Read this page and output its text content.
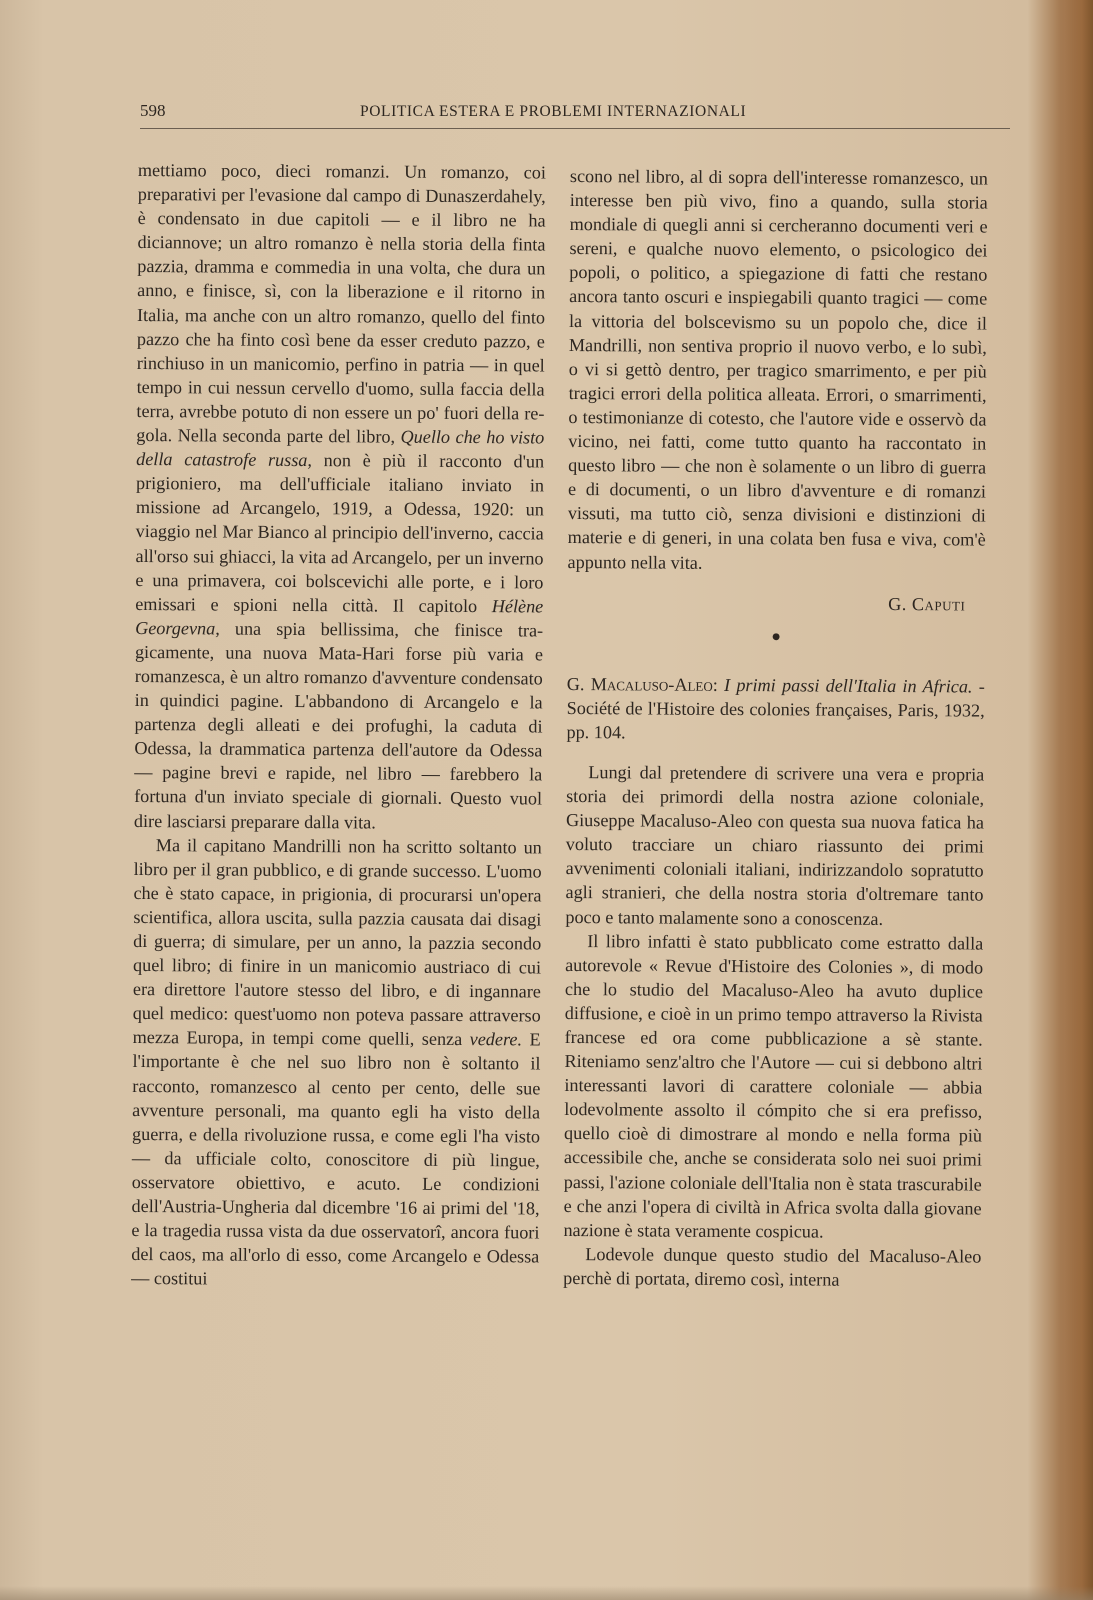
598	POLITICA ESTERA E PROBLEMI INTERNAZIONALI

mettiamo poco, dieci romanzi. Un romanzo, coi preparativi per l'evasione dal campo di Dunaszerdahely, è condensato in due capitoli — e il libro ne ha diciannove; un altro romanzo è nella storia della finta pazzia, dramma e commedia in una volta, che dura un anno, e finisce, sì, con la liberazione e il ritorno in Italia, ma anche con un altro romanzo, quello del finto pazzo che ha finto così bene da esser creduto pazzo, e rinchiuso in un manicomio, perfino in patria — in quel tempo in cui nessun cervello d'uomo, sulla faccia della terra, avrebbe potuto di non essere un po' fuori della regola. Nella seconda parte del libro, Quello che ho visto della catastrofe russa, non è più il racconto d'un prigioniero, ma dell'ufficiale italiano inviato in missione ad Arcangelo, 1919, a Odessa, 1920: un viaggio nel Mar Bianco al principio dell'inverno, caccia all'orso sui ghiacci, la vita ad Arcangelo, per un inverno e una primavera, coi bolscevichi alle porte, e i loro emissari e spioni nella città. Il capitolo Hélène Georgevna, una spia bellissima, che finisce tragicamente, una nuova Mata-Hari forse più varia e romanzesca, è un altro romanzo d'avventure condensato in quindici pagine. L'abbandono di Arcangelo e la partenza degli alleati e dei profughi, la caduta di Odessa, la drammatica partenza dell'autore da Odessa — pagine brevi e rapide, nel libro — farebbero la fortuna d'un inviato speciale di giornali. Questo vuol dire lasciarsi preparare dalla vita.

Ma il capitano Mandrilli non ha scritto soltanto un libro per il gran pubblico, e di grande successo. L'uomo che è stato capace, in prigionia, di procurarsi un'opera scientifica, allora uscita, sulla pazzia causata dai disagi di guerra; di simulare, per un anno, la pazzia secondo quel libro; di finire in un manicomio austriaco di cui era direttore l'autore stesso del libro, e di ingannare quel medico: quest'uomo non poteva passare attraverso mezza Europa, in tempi come quelli, senza vedere. E l'importante è che nel suo libro non è soltanto il racconto, romanzesco al cento per cento, delle sue avventure personali, ma quanto egli ha visto della guerra, e della rivoluzione russa, e come egli l'ha visto — da ufficiale colto, conoscitore di più lingue, osservatore obiettivo, e acuto. Le condizioni dell'Austria-Ungheria dal dicembre '16 ai primi del '18, e la tragedia russa vista da due osservatorî, ancora fuori del caos, ma all'orlo di esso, come Arcangelo e Odessa — costitui

scono nel libro, al di sopra dell'interesse romanzesco, un interesse ben più vivo, fino a quando, sulla storia mondiale di quegli anni si cercheranno documenti veri e sereni, e qualche nuovo elemento, o psicologico dei popoli, o politico, a spiegazione di fatti che restano ancora tanto oscuri e inspiegabili quanto tragici — come la vittoria del bolscevismo su un popolo che, dice il Mandrilli, non sentiva proprio il nuovo verbo, e lo subì, o vi si gettò dentro, per tragico smarrimento, e per più tragici errori della politica alleata. Errori, o smarrimenti, o testimonianze di cotesto, che l'autore vide e osservò da vicino, nei fatti, come tutto quanto ha raccontato in questo libro — che non è solamente o un libro di guerra e di documenti, o un libro d'avventure e di romanzi vissuti, ma tutto ciò, senza divisioni e distinzioni di materie e di generi, in una colata ben fusa e viva, com'è appunto nella vita.

G. Caputi

●

G. Macaluso-Aleo: I primi passi dell'Italia in Africa. - Société de l'Histoire des colonies françaises, Paris, 1932, pp. 104.

Lungi dal pretendere di scrivere una vera e propria storia dei primordi della nostra azione coloniale, Giuseppe Macaluso-Aleo con questa sua nuova fatica ha voluto tracciare un chiaro riassunto dei primi avvenimenti coloniali italiani, indirizzandolo sopratutto agli stranieri, che della nostra storia d'oltremare tanto poco e tanto malamente sono a conoscenza.

Il libro infatti è stato pubblicato come estratto dalla autorevole « Revue d'Histoire des Colonies », di modo che lo studio del Macaluso-Aleo ha avuto duplice diffusione, e cioè in un primo tempo attraverso la Rivista francese ed ora come pubblicazione a sè stante. Riteniamo senz'altro che l'Autore — cui si debbono altri interessanti lavori di carattere coloniale — abbia lodevolmente assolto il cómpito che si era prefisso, quello cioè di dimostrare al mondo e nella forma più accessibile che, anche se considerata solo nei suoi primi passi, l'azione coloniale dell'Italia non è stata trascurabile e che anzi l'opera di civiltà in Africa svolta dalla giovane nazione è stata veramente cospicua.

Lodevole dunque questo studio del Macaluso-Aleo perchè di portata, diremo così, interna
